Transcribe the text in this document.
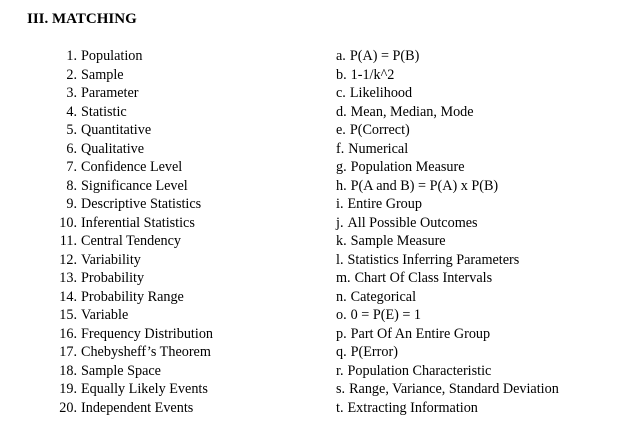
III. MATCHING
1. Population
2. Sample
3. Parameter
4. Statistic
5. Quantitative
6. Qualitative
7. Confidence Level
8. Significance Level
9. Descriptive Statistics
10. Inferential Statistics
11. Central Tendency
12. Variability
13. Probability
14. Probability Range
15. Variable
16. Frequency Distribution
17. Chebysheff’s Theorem
18. Sample Space
19. Equally Likely Events
20. Independent Events
a. P(A) = P(B)
b. 1-1/k^2
c. Likelihood
d. Mean, Median, Mode
e. P(Correct)
f. Numerical
g. Population Measure
h. P(A and B) = P(A) x P(B)
i. Entire Group
j. All Possible Outcomes
k. Sample Measure
l. Statistics Inferring Parameters
m. Chart Of Class Intervals
n. Categorical
o. 0 = P(E) = 1
p. Part Of An Entire Group
q. P(Error)
r. Population Characteristic
s. Range, Variance, Standard Deviation
t. Extracting Information
